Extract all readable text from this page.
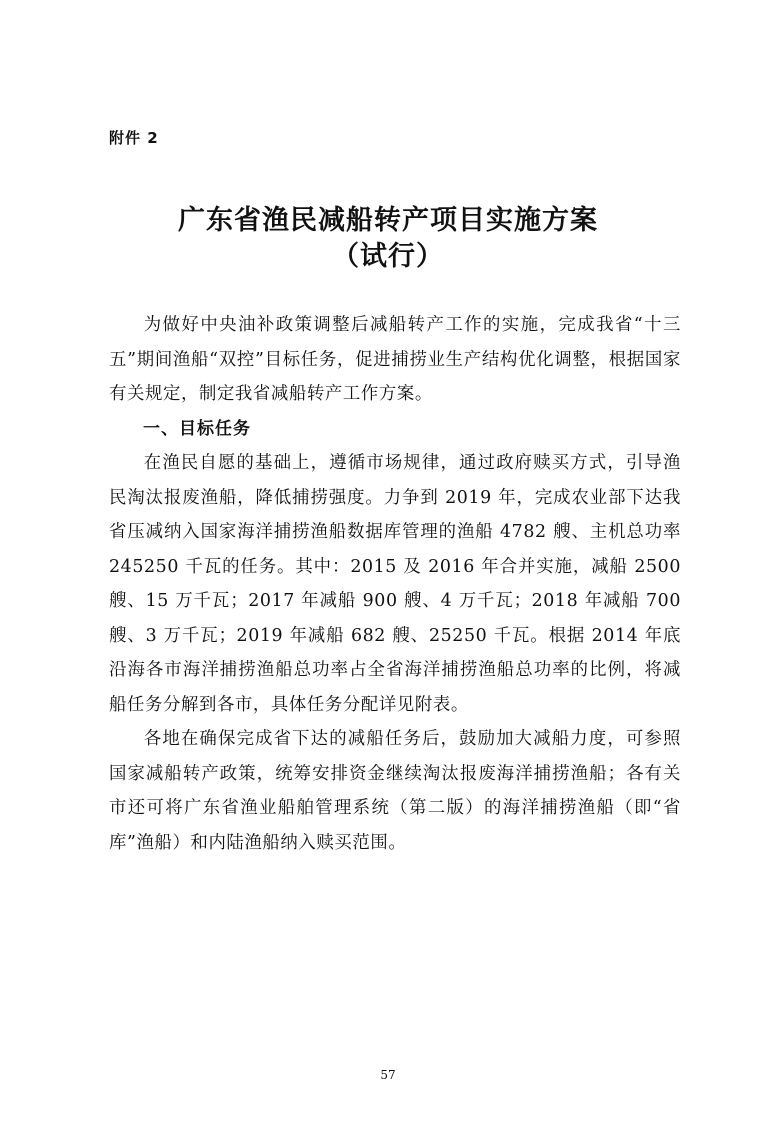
附件 2
广东省渔民减船转产项目实施方案
（试行）

为做好中央油补政策调整后减船转产工作的实施，完成我省“十三五”期间渔船“双控”目标任务，促进捕捞业生产结构优化调整，根据国家有关规定，制定我省减船转产工作方案。

一、目标任务

在渔民自愿的基础上，遵循市场规律，通过政府赎买方式，引导渔民淘汰报废渔船，降低捕捞强度。力争到 2019 年，完成农业部下达我省压减纳入国家海洋捕捞渔船数据库管理的渔船 4782 艘、主机总功率 245250 千瓦的任务。其中：2015 及 2016 年合并实施，减船 2500 艘、15 万千瓦；2017 年减船 900 艘、4 万千瓦；2018 年减船 700 艘、3 万千瓦；2019 年减船 682 艘、25250 千瓦。根据 2014 年底沿海各市海洋捕捞渔船总功率占全省海洋捕捞渔船总功率的比例，将减船任务分解到各市，具体任务分配详见附表。

各地在确保完成省下达的减船任务后，鼓励加大减船力度，可参照国家减船转产政策，统筹安排资金继续淘汰报废海洋捕捞渔船；各有关市还可将广东省渔业船舶管理系统（第二版）的海洋捕捞渔船（即“省库”渔船）和内陆渔船纳入赎买范围。

57
